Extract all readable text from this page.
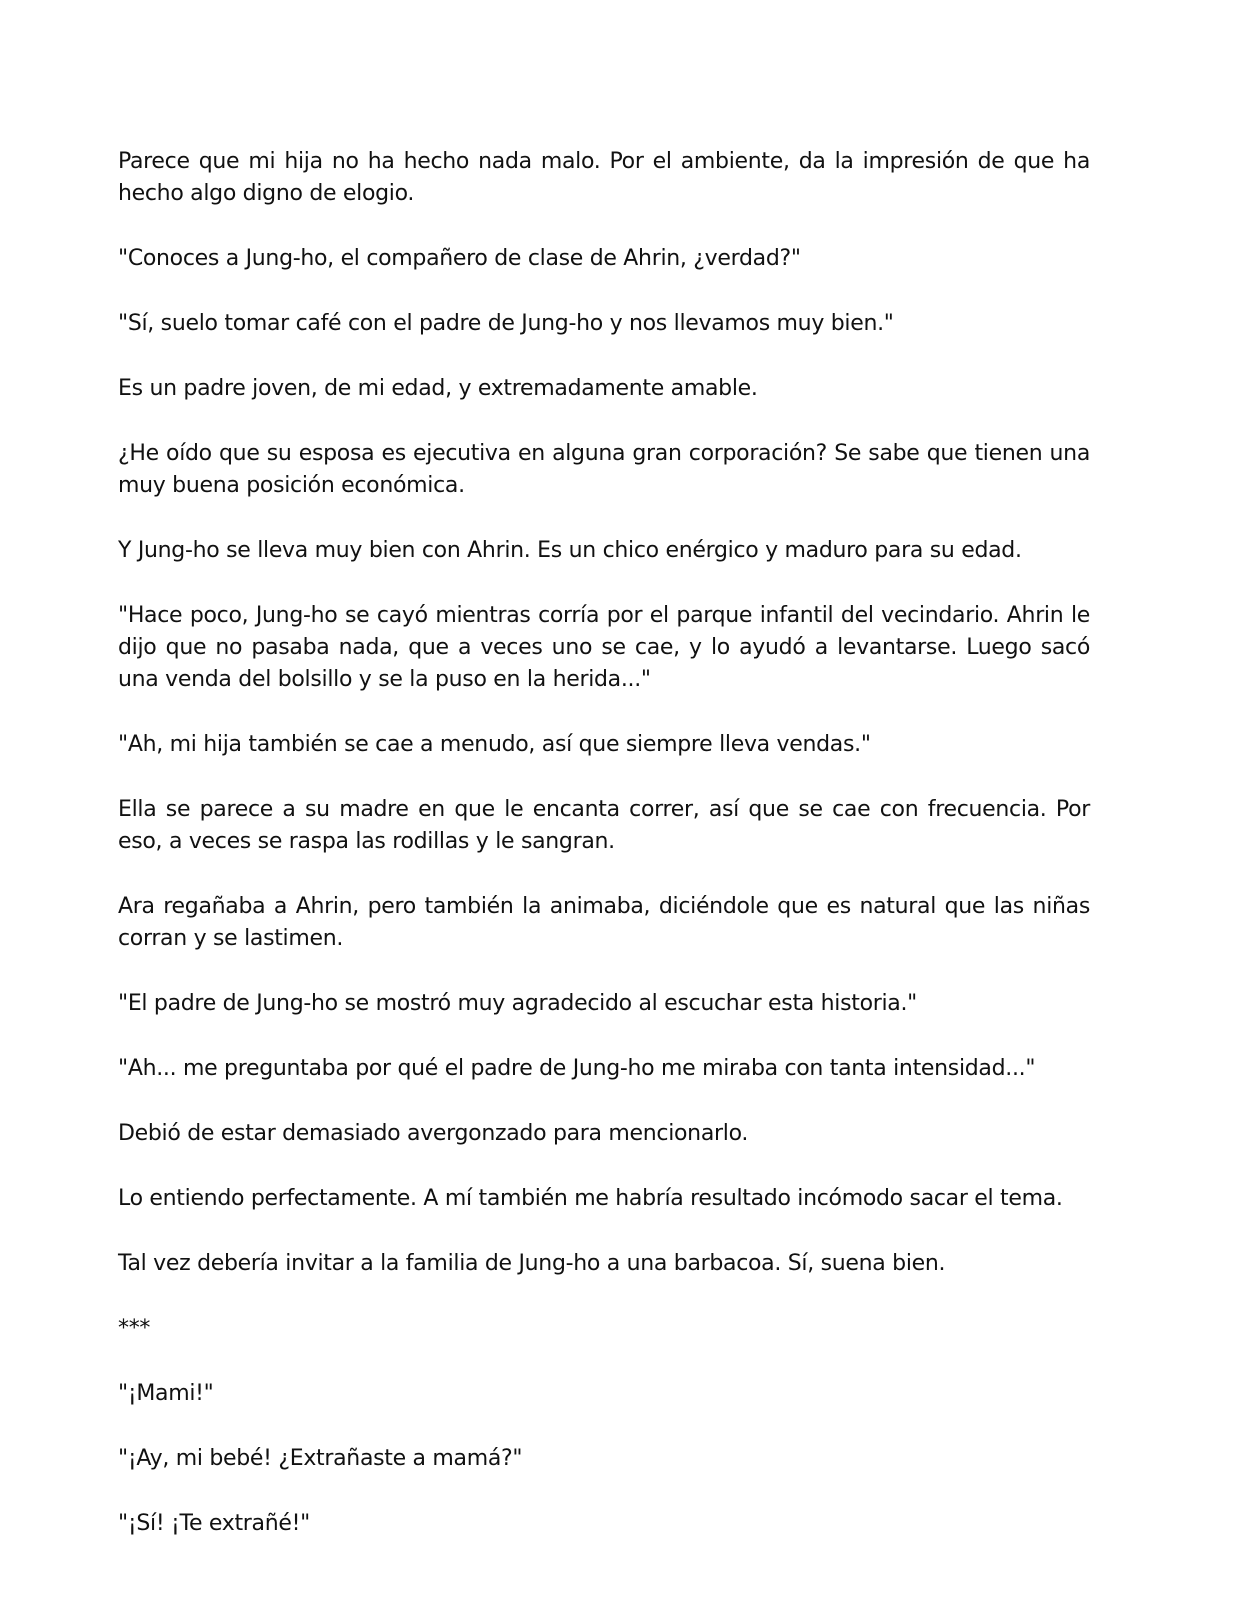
Parece que mi hija no ha hecho nada malo. Por el ambiente, da la impresión de que ha hecho algo digno de elogio.

"Conoces a Jung-ho, el compañero de clase de Ahrin, ¿verdad?"

"Sí, suelo tomar café con el padre de Jung-ho y nos llevamos muy bien."

Es un padre joven, de mi edad, y extremadamente amable.

¿He oído que su esposa es ejecutiva en alguna gran corporación? Se sabe que tienen una muy buena posición económica.

Y Jung-ho se lleva muy bien con Ahrin. Es un chico enérgico y maduro para su edad.

"Hace poco, Jung-ho se cayó mientras corría por el parque infantil del vecindario. Ahrin le dijo que no pasaba nada, que a veces uno se cae, y lo ayudó a levantarse. Luego sacó una venda del bolsillo y se la puso en la herida..."

"Ah, mi hija también se cae a menudo, así que siempre lleva vendas."

Ella se parece a su madre en que le encanta correr, así que se cae con frecuencia. Por eso, a veces se raspa las rodillas y le sangran.

Ara regañaba a Ahrin, pero también la animaba, diciéndole que es natural que las niñas corran y se lastimen.

"El padre de Jung-ho se mostró muy agradecido al escuchar esta historia."

"Ah... me preguntaba por qué el padre de Jung-ho me miraba con tanta intensidad..."

Debió de estar demasiado avergonzado para mencionarlo.

Lo entiendo perfectamente. A mí también me habría resultado incómodo sacar el tema.

Tal vez debería invitar a la familia de Jung-ho a una barbacoa. Sí, suena bien.

***

"¡Mami!"

"¡Ay, mi bebé! ¿Extrañaste a mamá?"

"¡Sí! ¡Te extrañé!"
